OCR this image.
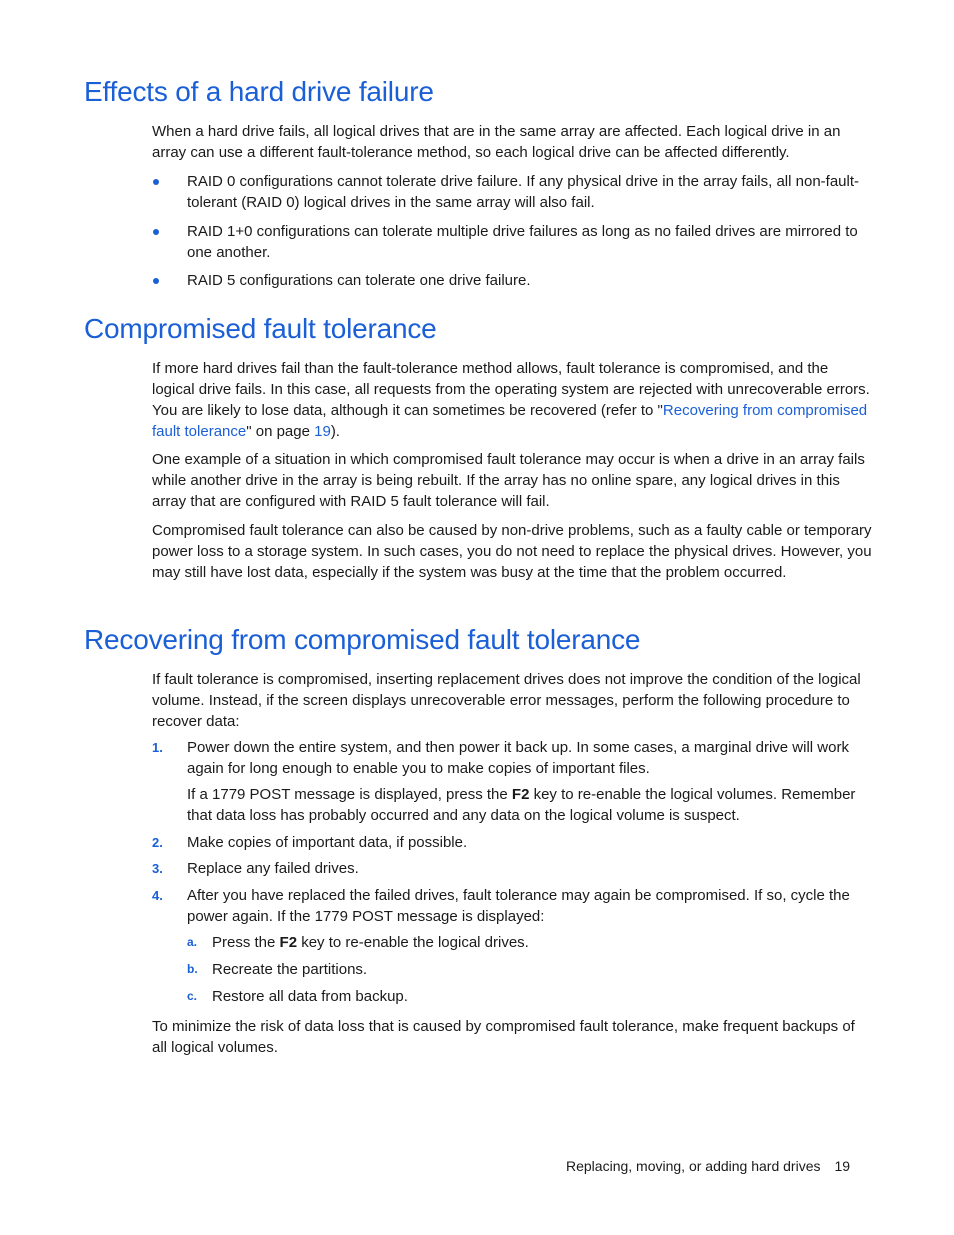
Effects of a hard drive failure

When a hard drive fails, all logical drives that are in the same array are affected. Each logical drive in an array can use a different fault-tolerance method, so each logical drive can be affected differently.

RAID 0 configurations cannot tolerate drive failure. If any physical drive in the array fails, all non-fault-tolerant (RAID 0) logical drives in the same array will also fail.
RAID 1+0 configurations can tolerate multiple drive failures as long as no failed drives are mirrored to one another.
RAID 5 configurations can tolerate one drive failure.
Compromised fault tolerance

If more hard drives fail than the fault-tolerance method allows, fault tolerance is compromised, and the logical drive fails. In this case, all requests from the operating system are rejected with unrecoverable errors. You are likely to lose data, although it can sometimes be recovered (refer to "Recovering from compromised fault tolerance" on page 19).

One example of a situation in which compromised fault tolerance may occur is when a drive in an array fails while another drive in the array is being rebuilt. If the array has no online spare, any logical drives in this array that are configured with RAID 5 fault tolerance will fail.

Compromised fault tolerance can also be caused by non-drive problems, such as a faulty cable or temporary power loss to a storage system. In such cases, you do not need to replace the physical drives. However, you may still have lost data, especially if the system was busy at the time that the problem occurred.

Recovering from compromised fault tolerance

If fault tolerance is compromised, inserting replacement drives does not improve the condition of the logical volume. Instead, if the screen displays unrecoverable error messages, perform the following procedure to recover data:

1. Power down the entire system, and then power it back up. In some cases, a marginal drive will work again for long enough to enable you to make copies of important files.
If a 1779 POST message is displayed, press the F2 key to re-enable the logical volumes. Remember that data loss has probably occurred and any data on the logical volume is suspect.
2. Make copies of important data, if possible.
3. Replace any failed drives.
4. After you have replaced the failed drives, fault tolerance may again be compromised. If so, cycle the power again. If the 1779 POST message is displayed:
a. Press the F2 key to re-enable the logical drives.
b. Recreate the partitions.
c. Restore all data from backup.

To minimize the risk of data loss that is caused by compromised fault tolerance, make frequent backups of all logical volumes.

Replacing, moving, or adding hard drives 19
